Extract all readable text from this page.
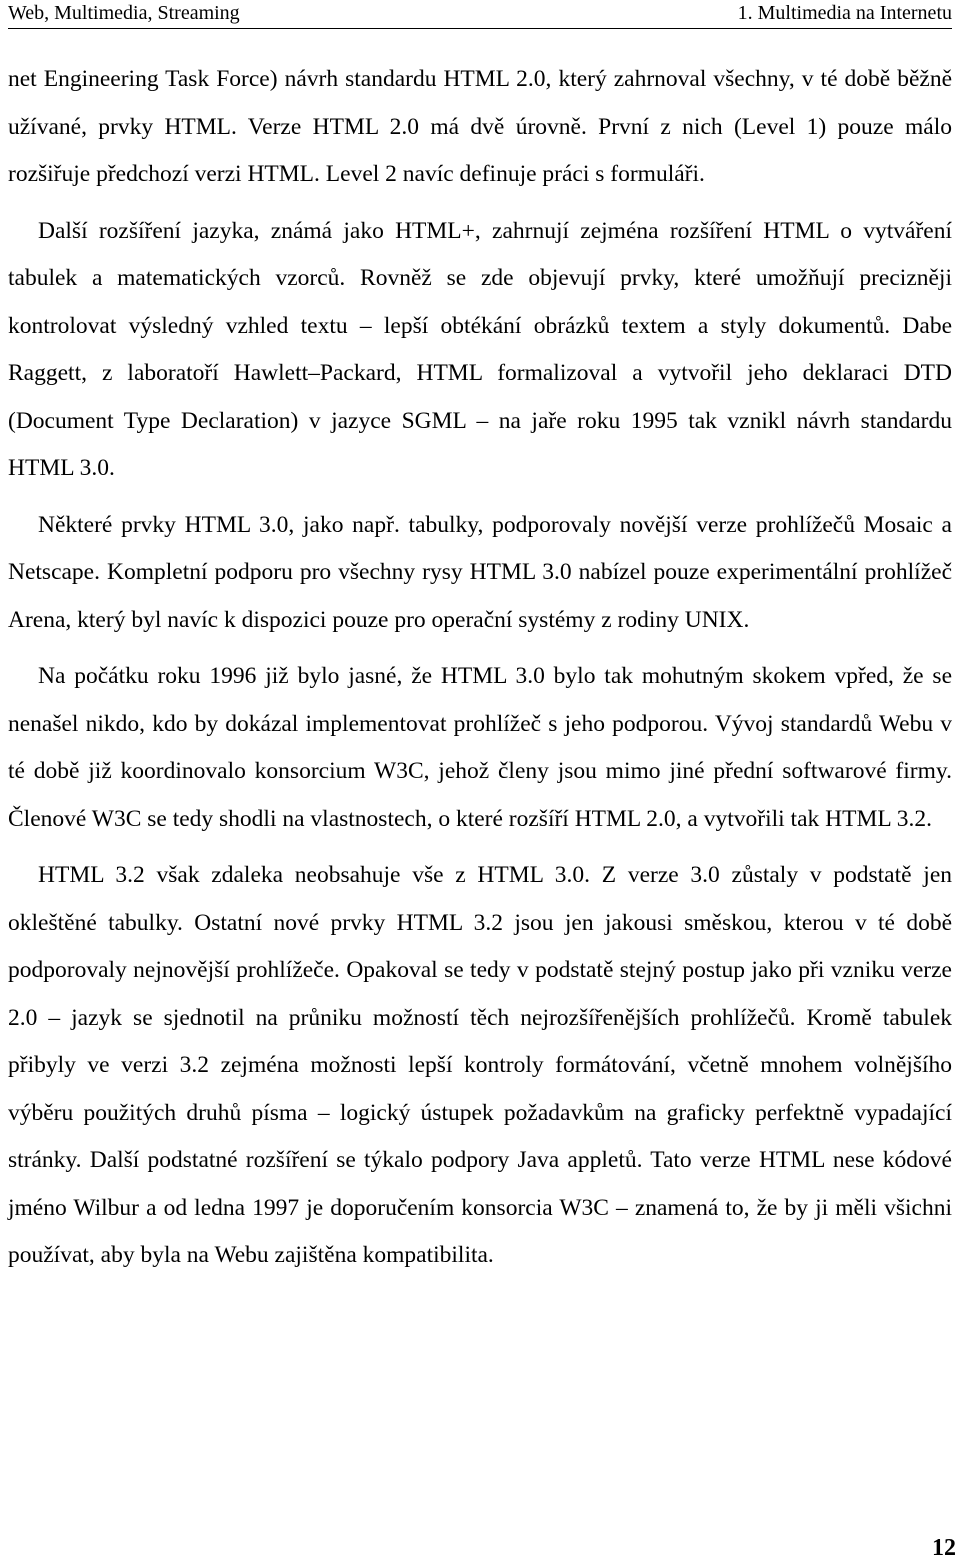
Web, Multimedia, Streaming	1. Multimedia na Internetu

net Engineering Task Force) návrh standardu HTML 2.0, který zahrnoval všechny, v té době běžně užívané, prvky HTML. Verze HTML 2.0 má dvě úrovně. První z nich (Level 1) pouze málo rozšiřuje předchozí verzi HTML. Level 2 navíc definuje práci s formuláři.

Další rozšíření jazyka, známá jako HTML+, zahrnují zejména rozšíření HTML o vytváření tabulek a matematických vzorců. Rovněž se zde objevují prvky, které umožňují precizněji kontrolovat výsledný vzhled textu – lepší obtékání obrázků textem a styly dokumentů. Dabe Raggett, z laboratoří Hawlett–Packard, HTML formalizoval a vytvořil jeho deklaraci DTD (Document Type Declaration) v jazyce SGML – na jaře roku 1995 tak vznikl návrh standardu HTML 3.0.

Některé prvky HTML 3.0, jako např. tabulky, podporovaly novější verze prohlížečů Mosaic a Netscape. Kompletní podporu pro všechny rysy HTML 3.0 nabízel pouze experimentální prohlížeč Arena, který byl navíc k dispozici pouze pro operační systémy z rodiny UNIX.

Na počátku roku 1996 již bylo jasné, že HTML 3.0 bylo tak mohutným skokem vpřed, že se nenašel nikdo, kdo by dokázal implementovat prohlížeč s jeho podporou. Vývoj standardů Webu v té době již koordinovalo konsorcium W3C, jehož členy jsou mimo jiné přední softwarové firmy. Členové W3C se tedy shodli na vlastnostech, o které rozšíří HTML 2.0, a vytvořili tak HTML 3.2.

HTML 3.2 však zdaleka neobsahuje vše z HTML 3.0. Z verze 3.0 zůstaly v podstatě jen okleštěné tabulky. Ostatní nové prvky HTML 3.2 jsou jen jakousi směskou, kterou v té době podporovaly nejnovější prohlížeče. Opakoval se tedy v podstatě stejný postup jako při vzniku verze 2.0 – jazyk se sjednotil na průniku možností těch nejrozšířenějších prohlížečů. Kromě tabulek přibyly ve verzi 3.2 zejména možnosti lepší kontroly formátování, včetně mnohem volnějšího výběru použitých druhů písma – logický ústupek požadavkům na graficky perfektně vypadající stránky. Další podstatné rozšíření se týkalo podpory Java appletů. Tato verze HTML nese kódové jméno Wilbur a od ledna 1997 je doporučením konsorcia W3C – znamená to, že by ji měli všichni používat, aby byla na Webu zajištěna kompatibilita.

12
